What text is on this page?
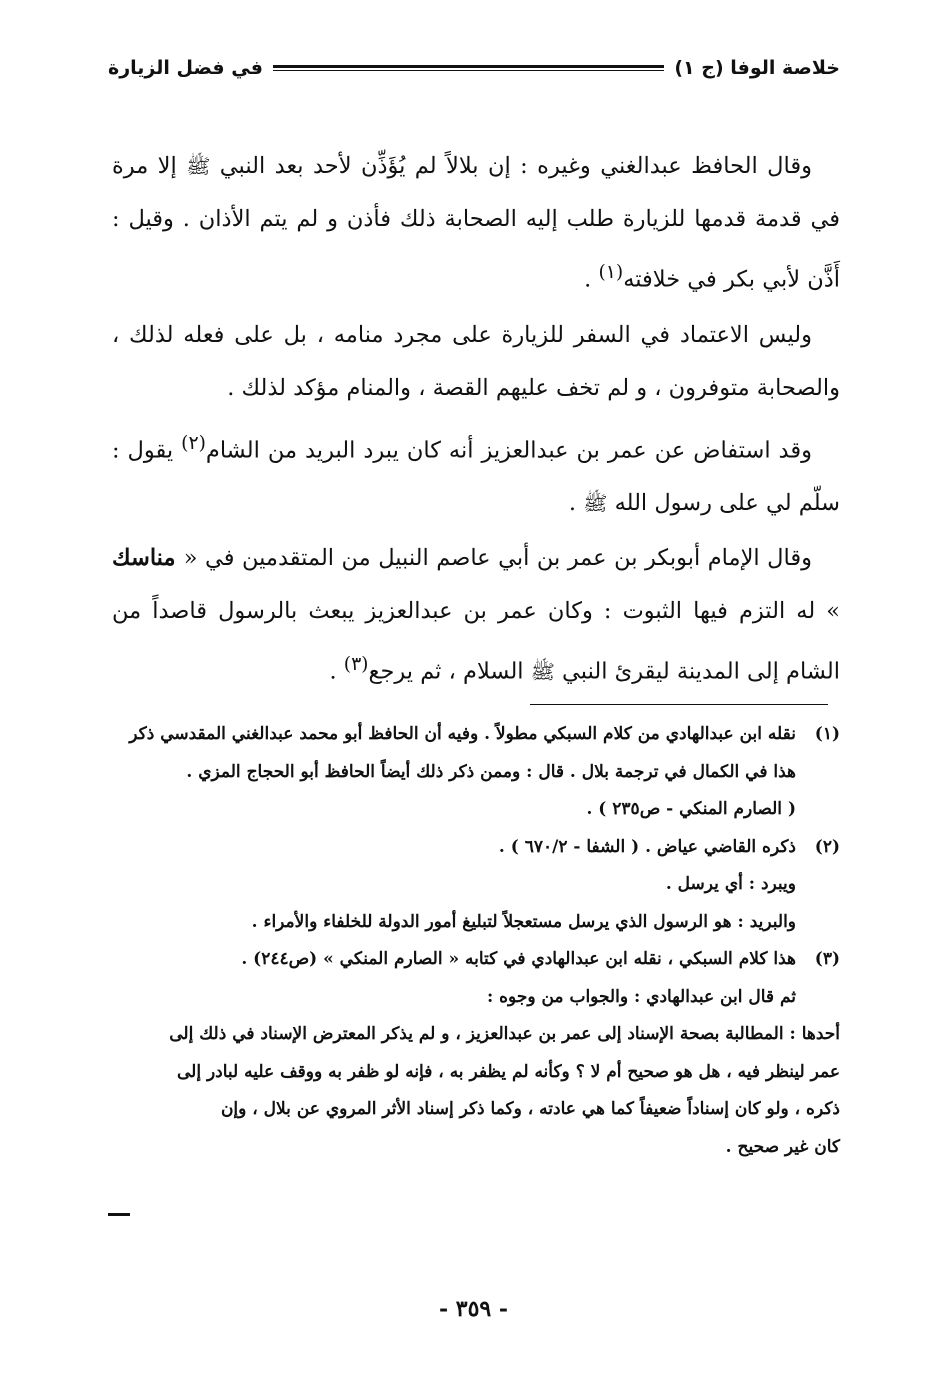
خلاصة الوفا (ج ١)
في فضل الزيارة

وقال الحافظ عبدالغني وغيره : إن بلالاً لم يُؤَذِّن لأحد بعد النبي ﷺ إلا مرة في قدمة قدمها للزيارة طلب إليه الصحابة ذلك فأذن و لم يتم الأذان . وقيل : أَذَّن لأبي بكر في خلافته$^{(١)}$ .

وليس الاعتماد في السفر للزيارة على مجرد منامه ، بل على فعله لذلك ، والصحابة متوفرون ، و لم تخف عليهم القصة ، والمنام مؤكد لذلك .

وقد استفاض عن عمر بن عبدالعزيز أنه كان يبرد البريد من الشام$^{(٢)}$ يقول : سلّم لي على رسول الله ﷺ .

وقال الإمام أبوبكر بن عمر بن أبي عاصم النبيل من المتقدمين في « مناسك » له التزم فيها الثبوت : وكان عمر بن عبدالعزيز يبعث بالرسول قاصداً من الشام إلى المدينة ليقرئ النبي ﷺ السلام ، ثم يرجع$^{(٣)}$ .

(١)
نقله ابن عبدالهادي من كلام السبكي مطولاً . وفيه أن الحافظ أبو محمد عبدالغني المقدسي ذكر
هذا في الكمال في ترجمة بلال . قال : وممن ذكر ذلك أيضاً الحافظ أبو الحجاج المزي .
( الصارم المنكي - ص٢٣٥ ) .
(٢)
ذكره القاضي عياض . ( الشفا - ٦٧٠/٢ ) .
ويبرد : أي يرسل .
والبريد : هو الرسول الذي يرسل مستعجلاً لتبليغ أمور الدولة للخلفاء والأمراء .
(٣)
هذا كلام السبكي ، نقله ابن عبدالهادي في كتابه « الصارم المنكي » (ص٢٤٤) .
ثم قال ابن عبدالهادي : والجواب من وجوه :
أحدها : المطالبة بصحة الإسناد إلى عمر بن عبدالعزيز ، و لم يذكر المعترض الإسناد في ذلك إلى
عمر لينظر فيه ، هل هو صحيح أم لا ؟ وكأنه لم يظفر به ، فإنه لو ظفر به ووقف عليه لبادر إلى
ذكره ، ولو كان إسناداً ضعيفاً كما هي عادته ، وكما ذكر إسناد الأثر المروي عن بلال ، وإن
كان غير صحيح .
- ٣٥٩ -
